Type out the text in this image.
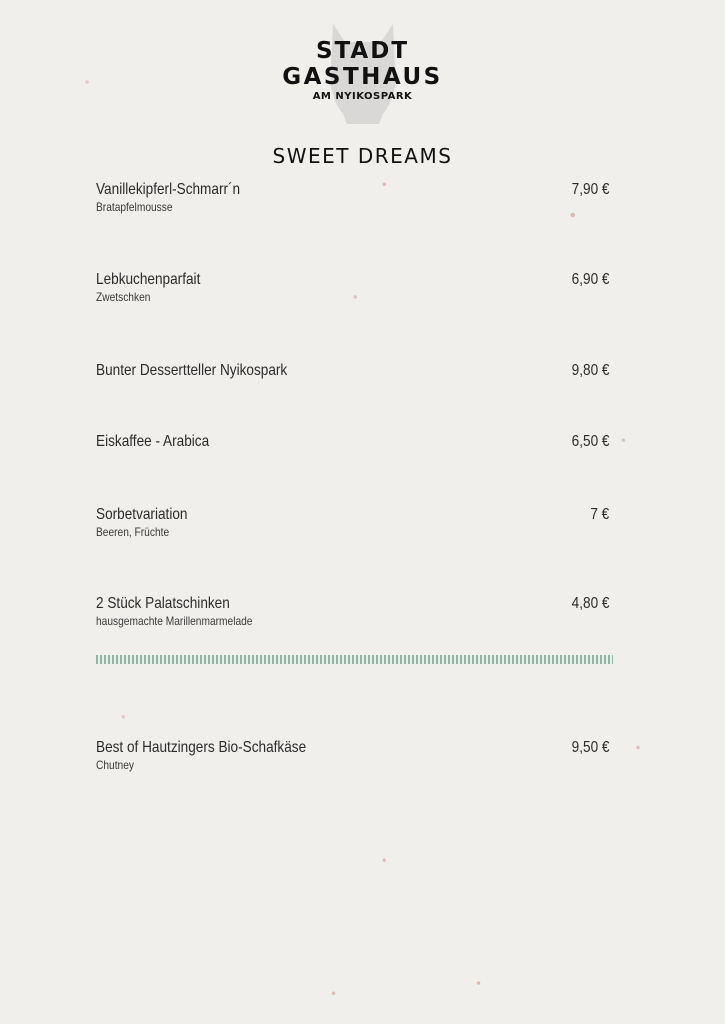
STADT
GASTHAUS
AM NYIKOSPARK
SWEET DREAMS
Vanillekipferl-Schmarr´n
Bratapfelmousse
7,90 €
Lebkuchenparfait
Zwetschken
6,90 €
Bunter Dessertteller Nyikospark	9,80 €
Eiskaffee - Arabica	6,50 €
Sorbetvariation
Beeren, Früchte
7 €
2 Stück Palatschinken
hausgemachte Marillenmarmelade
4,80 €
Best of Hautzingers Bio-Schafkäse
Chutney
9,50 €
